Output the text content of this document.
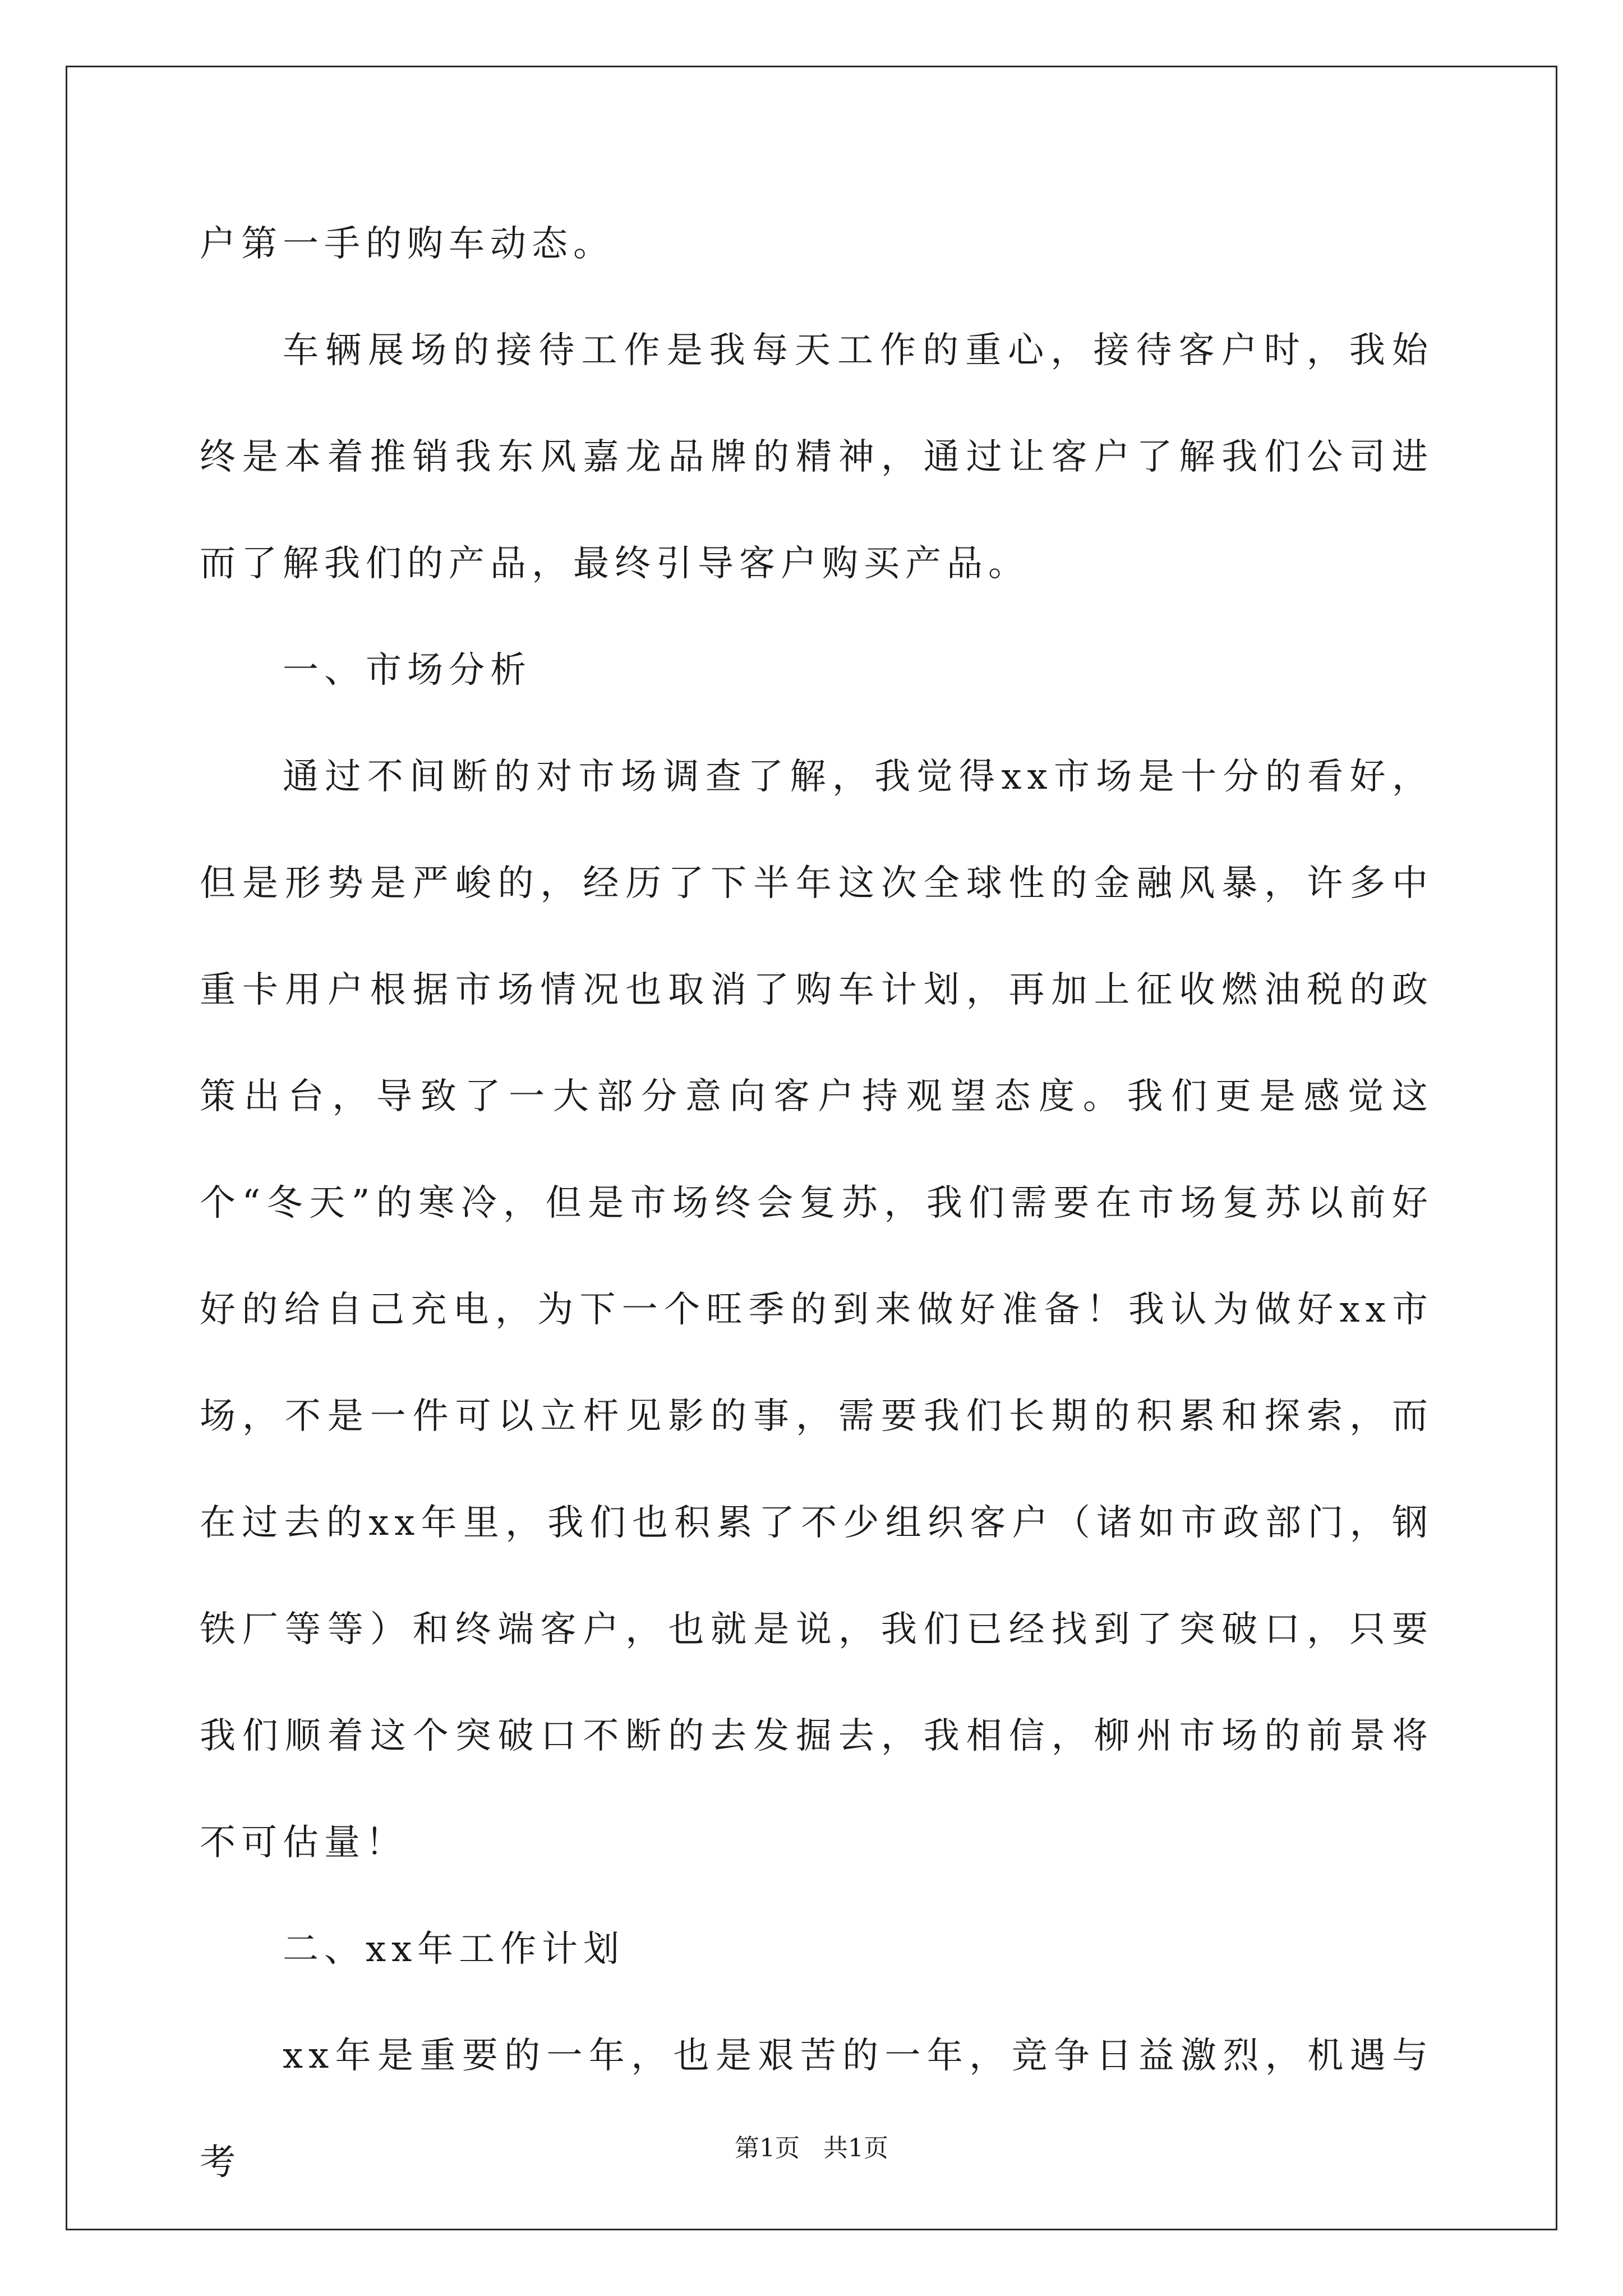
户第一手的购车动态。

车辆展场的接待工作是我每天工作的重心，接待客户时，我始终是本着推销我东风嘉龙品牌的精神，通过让客户了解我们公司进而了解我们的产品，最终引导客户购买产品。

一、市场分析

通过不间断的对市场调查了解，我觉得xx市场是十分的看好，但是形势是严峻的，经历了下半年这次全球性的金融风暴，许多中重卡用户根据市场情况也取消了购车计划，再加上征收燃油税的政策出台，导致了一大部分意向客户持观望态度。我们更是感觉这个“冬天”的寒冷，但是市场终会复苏，我们需要在市场复苏以前好好的给自己充电，为下一个旺季的到来做好准备！我认为做好xx市场，不是一件可以立杆见影的事，需要我们长期的积累和探索，而在过去的xx年里，我们也积累了不少组织客户（诸如市政部门，钢铁厂等等）和终端客户，也就是说，我们已经找到了突破口，只要我们顺着这个突破口不断的去发掘去，我相信，柳州市场的前景将不可估量！

二、xx年工作计划

xx年是重要的一年，也是艰苦的一年，竞争日益激烈，机遇与考	第1页 共1页
